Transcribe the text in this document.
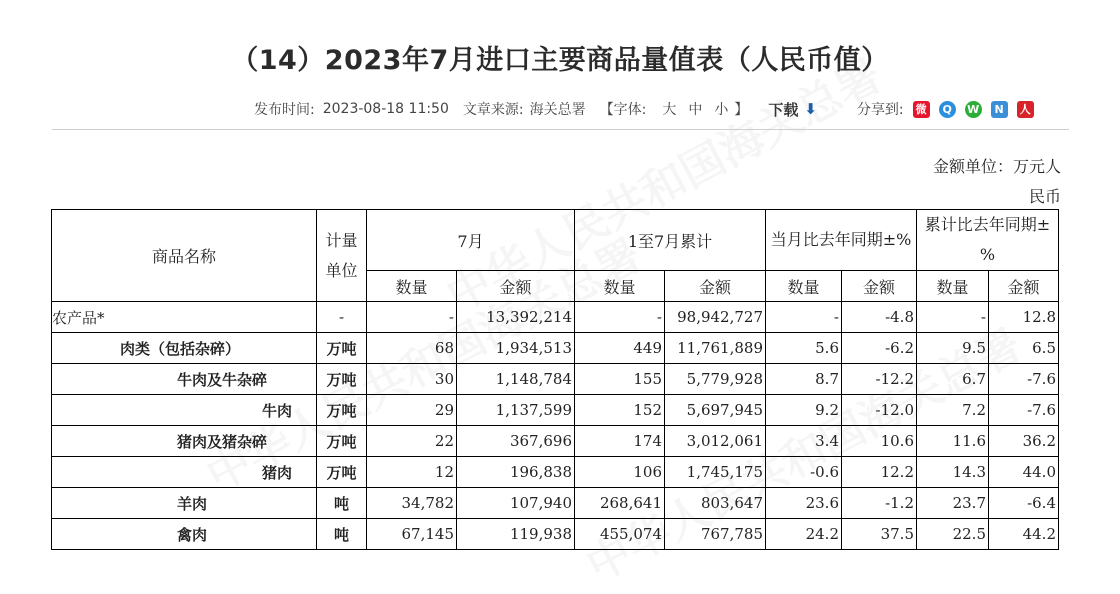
（14）2023年7月进口主要商品量值表（人民币值）
发布时间: 2023-08-18 11:50 文章来源: 海关总署 【字体: 大 中 小 】 下载 ⬇	分享到: 微	Q	W	N	人
金额单位：万元人民币
商品名称	计量单位	7月		1至7月累计		当月比去年同期±%		累计比去年同期±%	
		数量	金额	数量	金额	数量	金额	数量	金额
农产品*	-	-	13,392,214	-	98,942,727	-	-4.8	-	12.8
肉类（包括杂碎）	万吨	68	1,934,513	449	11,761,889	5.6	-6.2	9.5	6.5
牛肉及牛杂碎	万吨	30	1,148,784	155	5,779,928	8.7	-12.2	6.7	-7.6
牛肉	万吨	29	1,137,599	152	5,697,945	9.2	-12.0	7.2	-7.6
猪肉及猪杂碎	万吨	22	367,696	174	3,012,061	3.4	10.6	11.6	36.2
猪肉	万吨	12	196,838	106	1,745,175	-0.6	12.2	14.3	44.0
羊肉	吨	34,782	107,940	268,641	803,647	23.6	-1.2	23.7	-6.4
禽肉	吨	67,145	119,938	455,074	767,785	24.2	37.5	22.5	44.2
